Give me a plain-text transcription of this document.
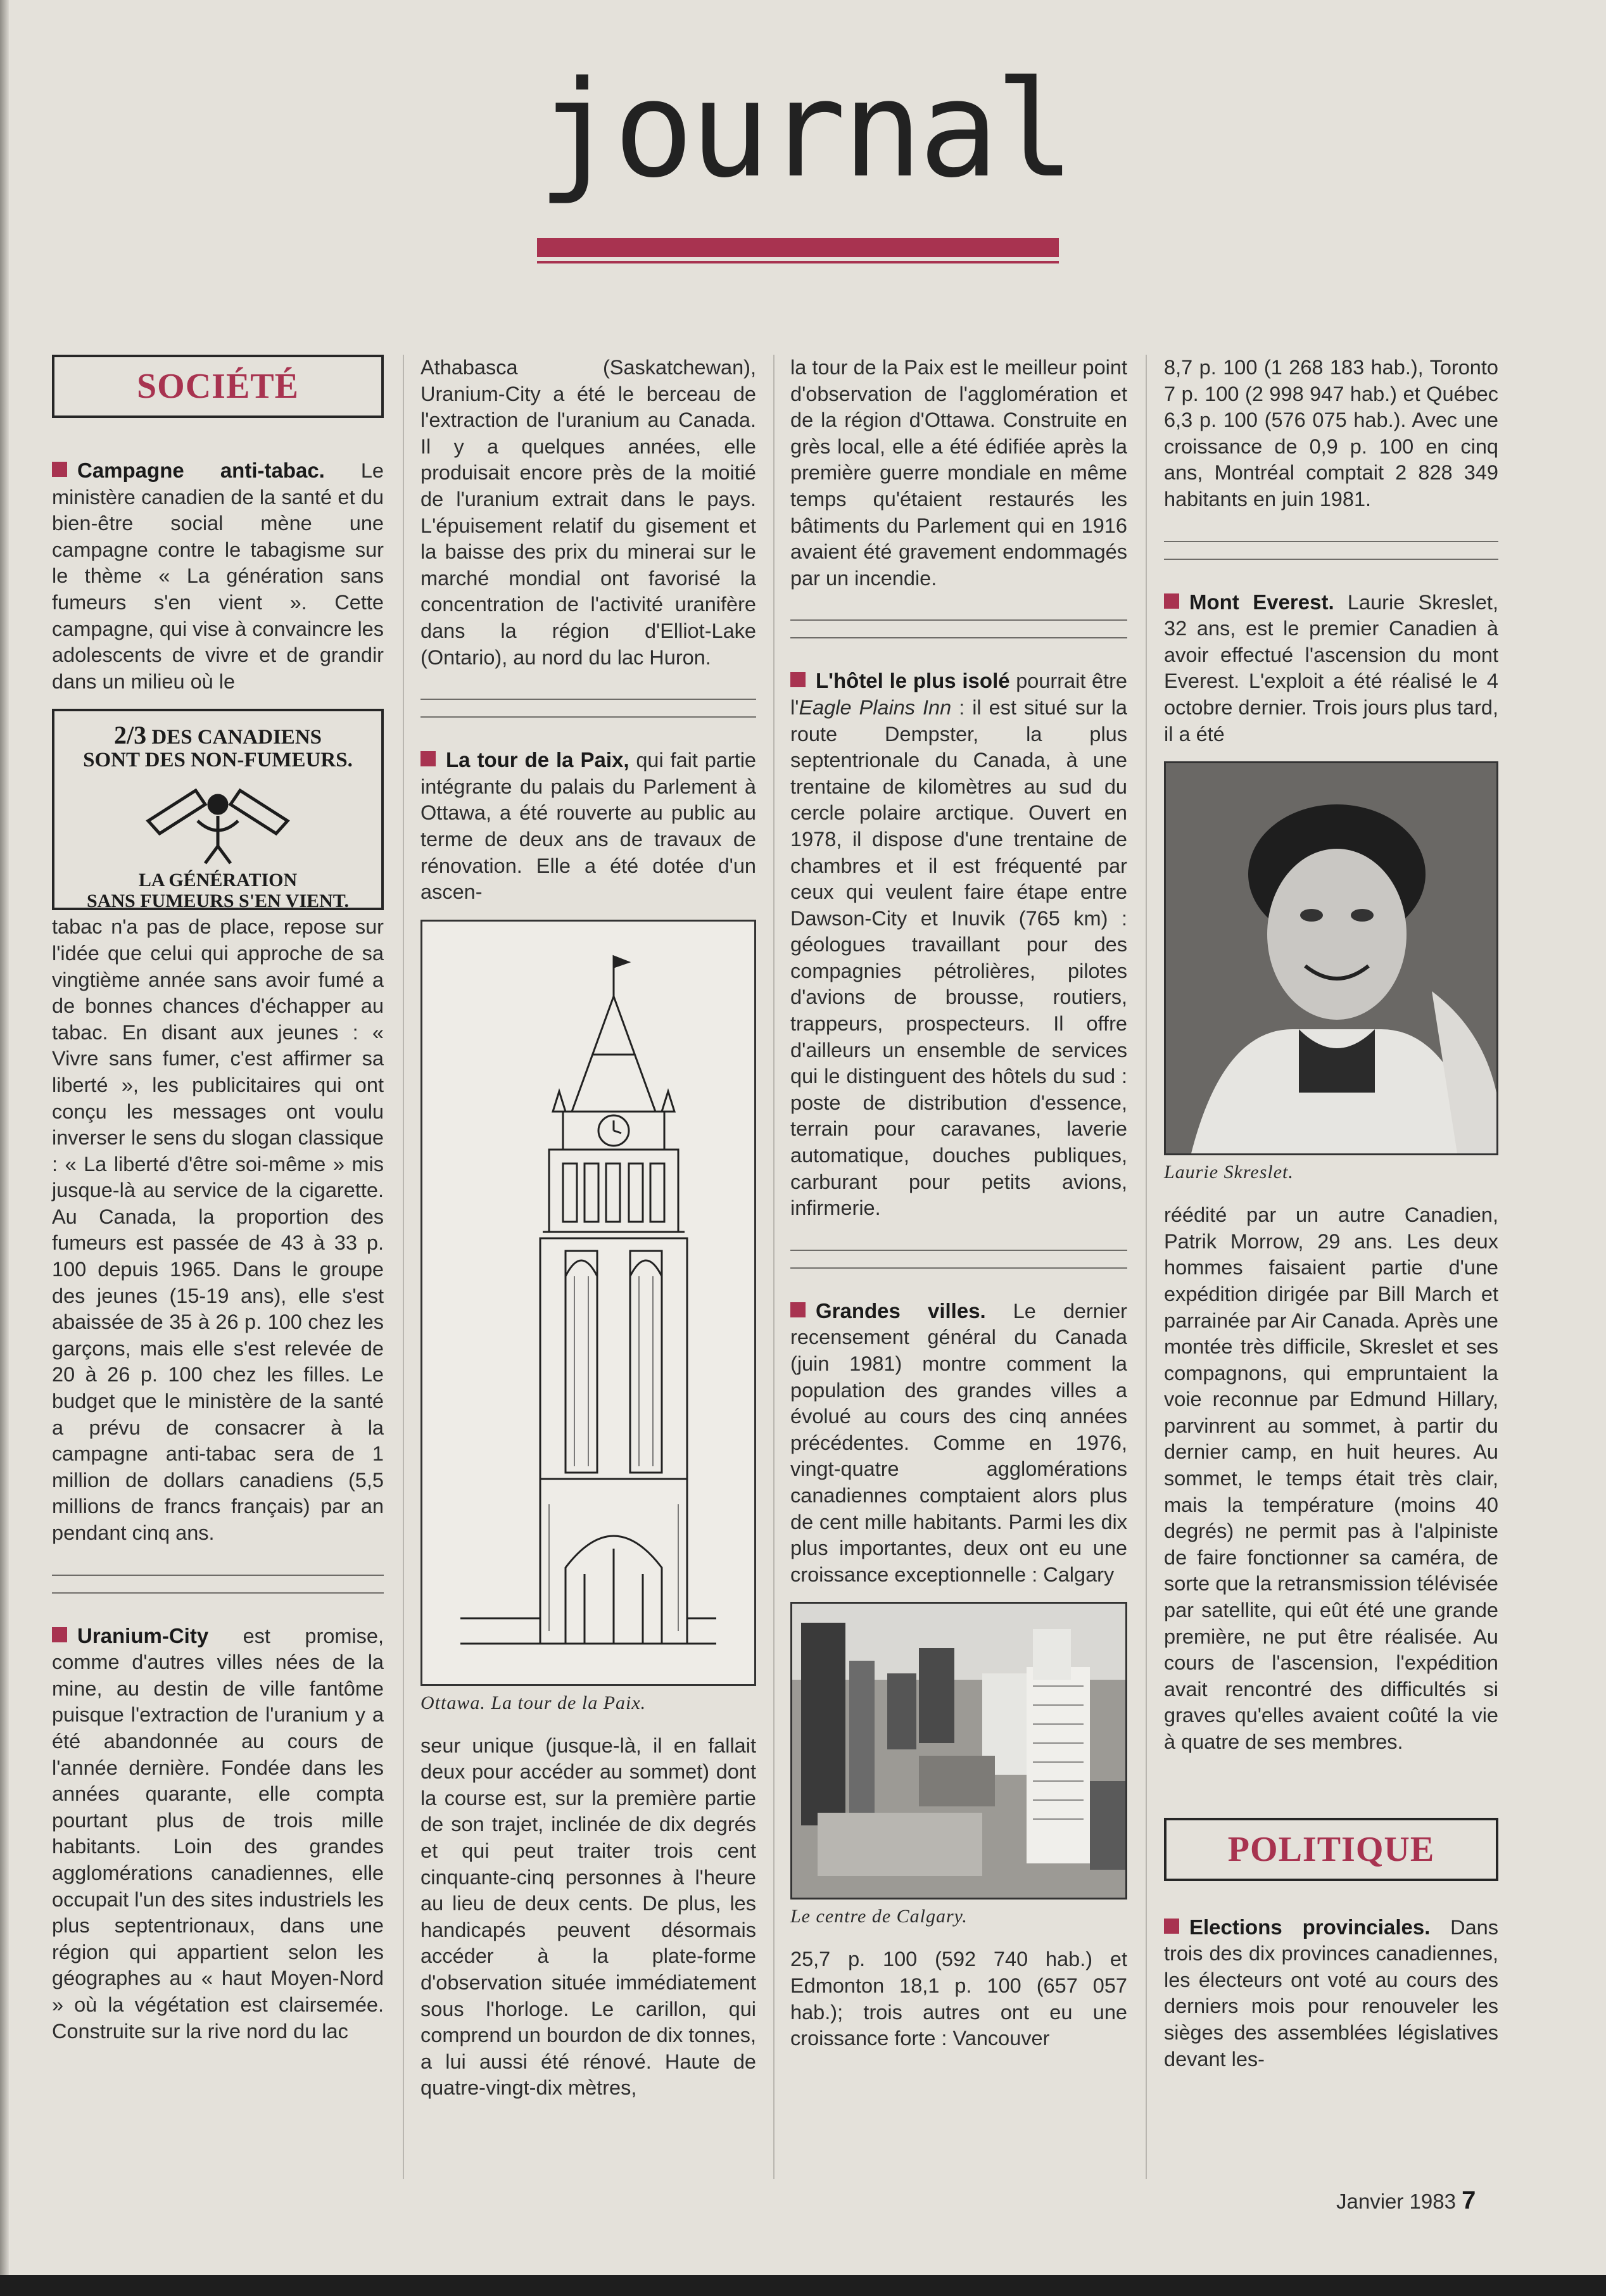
journal
SOCIÉTÉ

Campagne anti-tabac. Le ministère canadien de la santé et du bien-être social mène une campagne contre le tabagisme sur le thème « La génération sans fumeurs s'en vient ». Cette campagne, qui vise à convaincre les adolescents de vivre et de grandir dans un milieu où le

2/3 DES CANADIENS
SONT DES NON-FUMEURS.
LA GÉNÉRATION
SANS FUMEURS S'EN VIENT.

tabac n'a pas de place, repose sur l'idée que celui qui approche de sa vingtième année sans avoir fumé a de bonnes chances d'échapper au tabac. En disant aux jeunes : « Vivre sans fumer, c'est affirmer sa liberté », les publicitaires qui ont conçu les messages ont voulu inverser le sens du slogan classique : « La liberté d'être soi-même » mis jusque-là au service de la cigarette. Au Canada, la proportion des fumeurs est passée de 43 à 33 p. 100 depuis 1965. Dans le groupe des jeunes (15-19 ans), elle s'est abaissée de 35 à 26 p. 100 chez les garçons, mais elle s'est relevée de 20 à 26 p. 100 chez les filles. Le budget que le ministère de la santé a prévu de consacrer à la campagne anti-tabac sera de 1 million de dollars canadiens (5,5 millions de francs français) par an pendant cinq ans.

Uranium-City est promise, comme d'autres villes nées de la mine, au destin de ville fantôme puisque l'extraction de l'uranium y a été abandonnée au cours de l'année dernière. Fondée dans les années quarante, elle compta pourtant plus de trois mille habitants. Loin des grandes agglomérations canadiennes, elle occupait l'un des sites industriels les plus septentrionaux, dans une région qui appartient selon les géographes au « haut Moyen-Nord » où la végétation est clairsemée. Construite sur la rive nord du lac

Athabasca (Saskatchewan), Uranium-City a été le berceau de l'extraction de l'uranium au Canada. Il y a quelques années, elle produisait encore près de la moitié de l'uranium extrait dans le pays. L'épuisement relatif du gisement et la baisse des prix du minerai sur le marché mondial ont favorisé la concentration de l'activité uranifère dans la région d'Elliot-Lake (Ontario), au nord du lac Huron.

La tour de la Paix, qui fait partie intégrante du palais du Parlement à Ottawa, a été rouverte au public au terme de deux ans de travaux de rénovation. Elle a été dotée d'un ascen-

Ottawa. La tour de la Paix.

seur unique (jusque-là, il en fallait deux pour accéder au sommet) dont la course est, sur la première partie de son trajet, inclinée de dix degrés et qui peut traiter trois cent cinquante-cinq personnes à l'heure au lieu de deux cents. De plus, les handicapés peuvent désormais accéder à la plate-forme d'observation située immédiatement sous l'horloge. Le carillon, qui comprend un bourdon de dix tonnes, a lui aussi été rénové. Haute de quatre-vingt-dix mètres,

la tour de la Paix est le meilleur point d'observation de l'agglomération et de la région d'Ottawa. Construite en grès local, elle a été édifiée après la première guerre mondiale en même temps qu'étaient restaurés les bâtiments du Parlement qui en 1916 avaient été gravement endommagés par un incendie.

L'hôtel le plus isolé pourrait être l'Eagle Plains Inn : il est situé sur la route Dempster, la plus septentrionale du Canada, à une trentaine de kilomètres au sud du cercle polaire arctique. Ouvert en 1978, il dispose d'une trentaine de chambres et il est fréquenté par ceux qui veulent faire étape entre Dawson-City et Inuvik (765 km) : géologues travaillant pour des compagnies pétrolières, pilotes d'avions de brousse, routiers, trappeurs, prospecteurs. Il offre d'ailleurs un ensemble de services qui le distinguent des hôtels du sud : poste de distribution d'essence, terrain pour caravanes, laverie automatique, douches publiques, carburant pour petits avions, infirmerie.

Grandes villes. Le dernier recensement général du Canada (juin 1981) montre comment la population des grandes villes a évolué au cours des cinq années précédentes. Comme en 1976, vingt-quatre agglomérations canadiennes comptaient alors plus de cent mille habitants. Parmi les dix plus importantes, deux ont eu une croissance exceptionnelle : Calgary

Le centre de Calgary.

25,7 p. 100 (592 740 hab.) et Edmonton 18,1 p. 100 (657 057 hab.); trois autres ont eu une croissance forte : Vancouver

8,7 p. 100 (1 268 183 hab.), Toronto 7 p. 100 (2 998 947 hab.) et Québec 6,3 p. 100 (576 075 hab.). Avec une croissance de 0,9 p. 100 en cinq ans, Montréal comptait 2 828 349 habitants en juin 1981.

Mont Everest. Laurie Skreslet, 32 ans, est le premier Canadien à avoir effectué l'ascension du mont Everest. L'exploit a été réalisé le 4 octobre dernier. Trois jours plus tard, il a été

Laurie Skreslet.

réédité par un autre Canadien, Patrik Morrow, 29 ans. Les deux hommes faisaient partie d'une expédition dirigée par Bill March et parrainée par Air Canada. Après une montée très difficile, Skreslet et ses compagnons, qui empruntaient la voie reconnue par Edmund Hillary, parvinrent au sommet, à partir du dernier camp, en huit heures. Au sommet, le temps était très clair, mais la température (moins 40 degrés) ne permit pas à l'alpiniste de faire fonctionner sa caméra, de sorte que la retransmission télévisée par satellite, qui eût été une grande première, ne put être réalisée. Au cours de l'ascension, l'expédition avait rencontré des difficultés si graves qu'elles avaient coûté la vie à quatre de ses membres.

POLITIQUE

Elections provinciales. Dans trois des dix provinces canadiennes, les électeurs ont voté au cours des derniers mois pour renouveler les sièges des assemblées législatives devant les-

Janvier 1983 7
